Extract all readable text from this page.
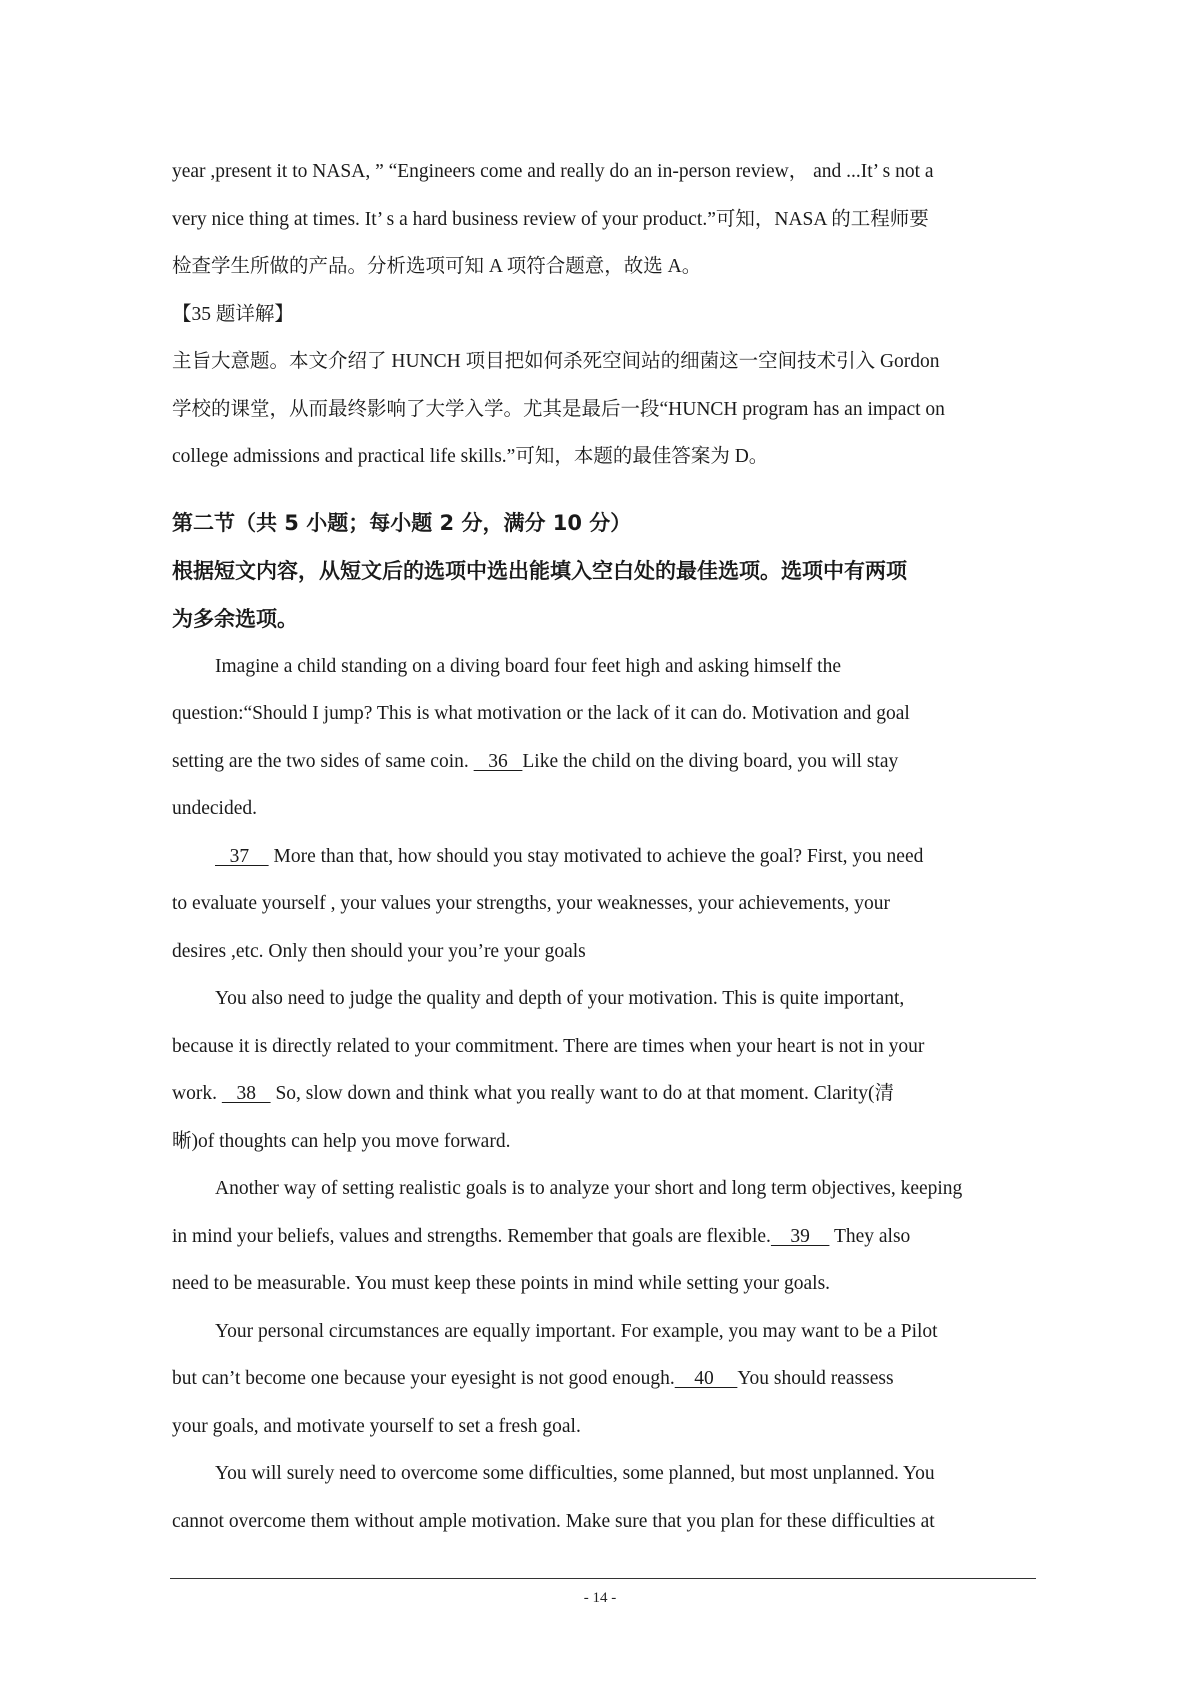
year ,present it to NASA, ” “Engineers come and really do an in-person review， and ...It’ s not a

very nice thing at times. It’ s a hard business review of your product.”可知，NASA 的工程师要

检查学生所做的产品。分析选项可知 A 项符合题意，故选 A。

【35 题详解】

主旨大意题。本文介绍了 HUNCH 项目把如何杀死空间站的细菌这一空间技术引入 Gordon

学校的课堂，从而最终影响了大学入学。尤其是最后一段“HUNCH program has an impact on

college admissions and practical life skills.”可知，本题的最佳答案为 D。

第二节（共 5 小题；每小题 2 分，满分 10 分）

根据短文内容，从短文后的选项中选出能填入空白处的最佳选项。选项中有两项

为多余选项。

Imagine a child standing on a diving board four feet high and asking himself the

question:“Should I jump? This is what motivation or the lack of it can do. Motivation and goal

setting are the two sides of same coin.    36   Like the child on the diving board, you will stay

undecided.

37     More than that, how should you stay motivated to achieve the goal? First, you need

to evaluate yourself , your values your strengths, your weaknesses, your achievements, your

desires ,etc. Only then should your you’re your goals

You also need to judge the quality and depth of your motivation. This is quite important,

because it is directly related to your commitment. There are times when your heart is not in your

work.    38    So, slow down and think what you really want to do at that moment. Clarity(清

晰)of thoughts can help you move forward.

Another way of setting realistic goals is to analyze your short and long term objectives, keeping

in mind your beliefs, values and strengths. Remember that goals are flexible.    39     They also

need to be measurable. You must keep these points in mind while setting your goals.

Your personal circumstances are equally important. For example, you may want to be a Pilot

but can’t become one because your eyesight is not good enough.    40     You should reassess

your goals, and motivate yourself to set a fresh goal.

You will surely need to overcome some difficulties, some planned, but most unplanned. You

cannot overcome them without ample motivation. Make sure that you plan for these difficulties at

- 14 -
